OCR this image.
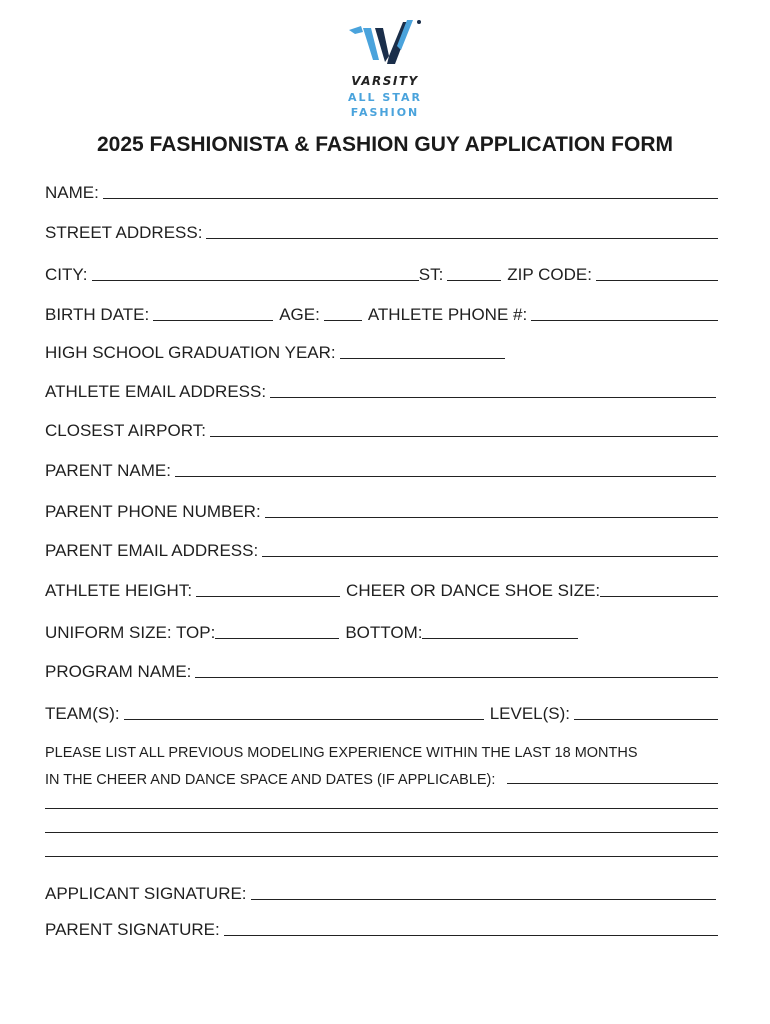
VARSITY
ALL STAR
FASHION
2025 FASHIONISTA & FASHION GUY APPLICATION FORM
NAME:
STREET ADDRESS:
CITY:	ST:	ZIP CODE:
BIRTH DATE:	AGE:	ATHLETE PHONE #:
HIGH SCHOOL GRADUATION YEAR:
ATHLETE EMAIL ADDRESS:
CLOSEST AIRPORT:
PARENT NAME:
PARENT PHONE NUMBER:
PARENT EMAIL ADDRESS:
ATHLETE HEIGHT:	CHEER OR DANCE SHOE SIZE:
UNIFORM SIZE: TOP:	BOTTOM:
PROGRAM NAME:
TEAM(S):	LEVEL(S):
PLEASE LIST ALL PREVIOUS MODELING EXPERIENCE WITHIN THE LAST 18 MONTHS
IN THE CHEER AND DANCE SPACE AND DATES (IF APPLICABLE):
APPLICANT SIGNATURE:
PARENT SIGNATURE:
